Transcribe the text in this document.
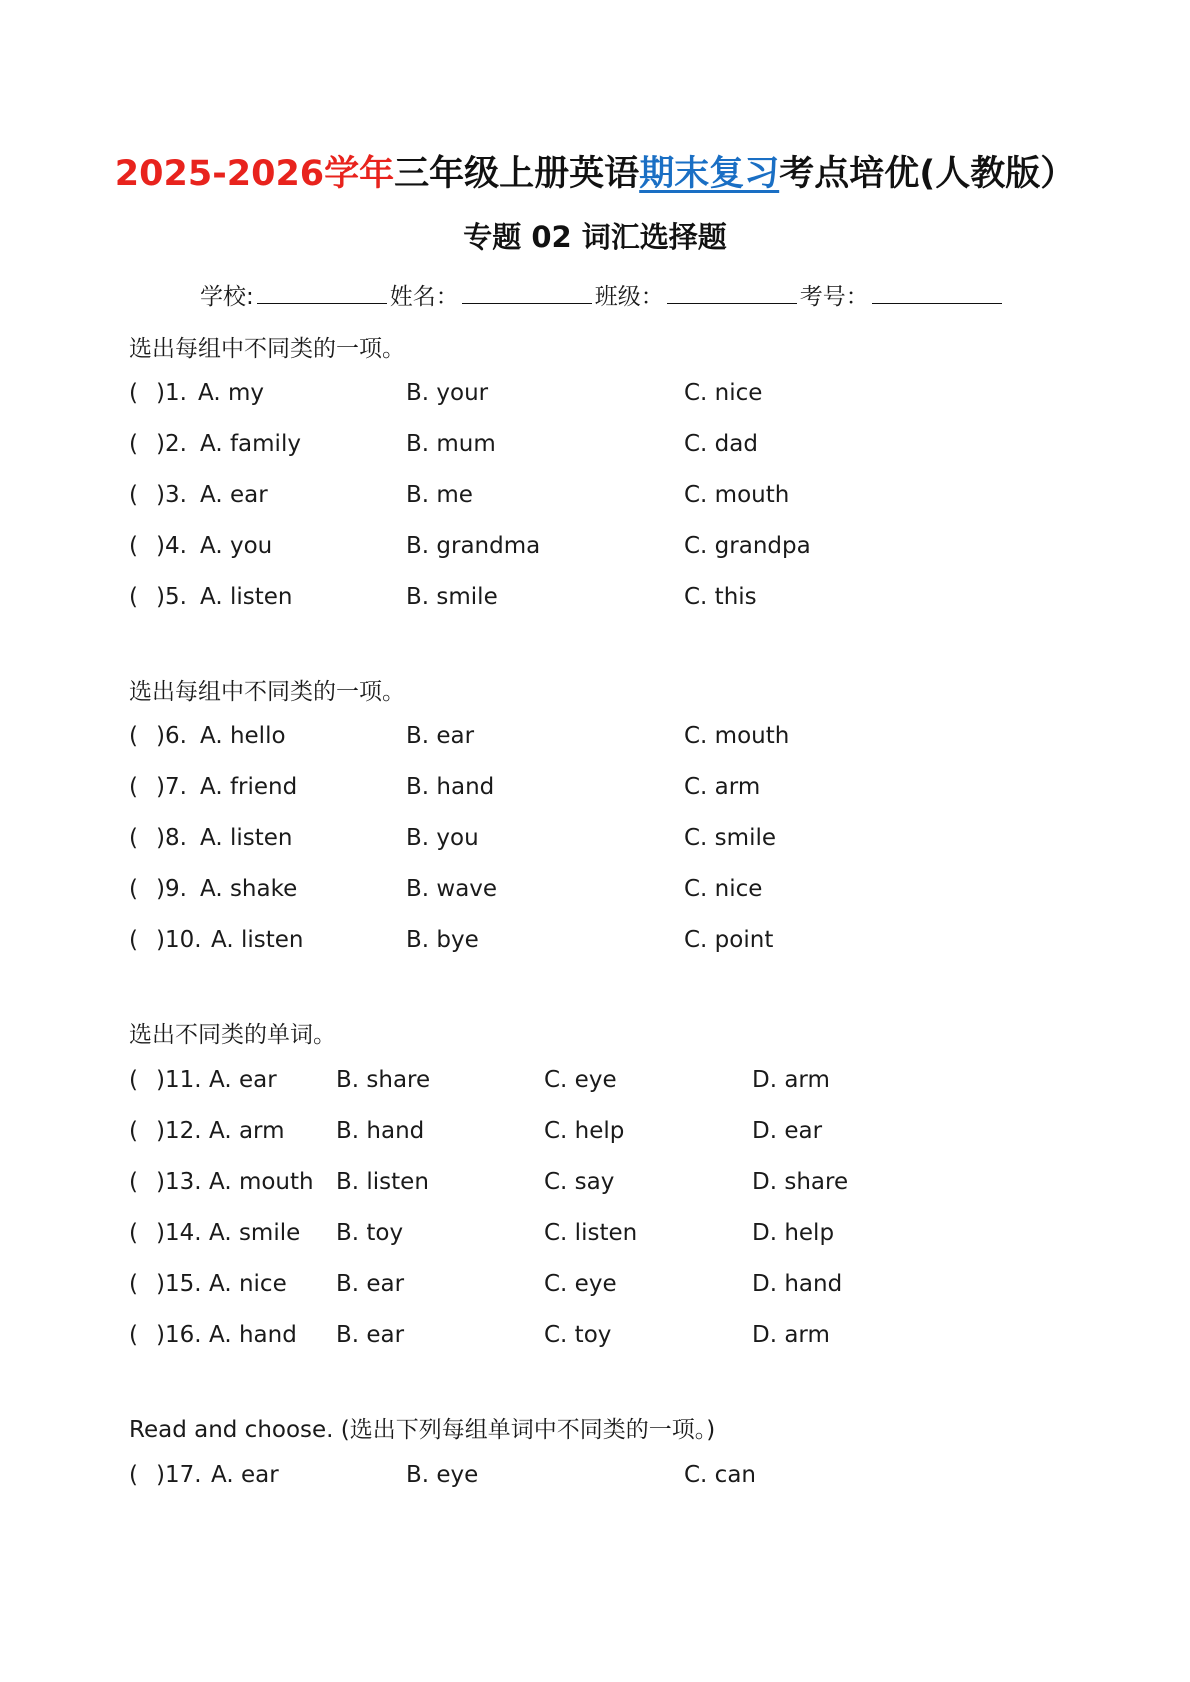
2025-2026学年三年级上册英语期末复习考点培优(人教版）
专题 02 词汇选择题
学校:	姓名：	班级：	考号：
选出每组中不同类的一项。
( )1. A. my	B. your	C. nice
( )2. A. family	B. mum	C. dad
( )3. A. ear	B. me	C. mouth
( )4. A. you	B. grandma	C. grandpa
( )5. A. listen	B. smile	C. this
选出每组中不同类的一项。
( )6. A. hello	B. ear	C. mouth
( )7. A. friend	B. hand	C. arm
( )8. A. listen	B. you	C. smile
( )9. A. shake	B. wave	C. nice
( )10. A. listen	B. bye	C. point
选出不同类的单词。
( )11. A. ear	B. share	C. eye	D. arm
( )12. A. arm B. hand	C. help	D. ear
( )13. A. mouth B. listen	C. say	D. share
( )14. A. smile B. toy	C. listen	D. help
( )15. A. nice B. ear	C. eye	D. hand
( )16. A. hand B. ear	C. toy	D. arm
Read and choose. (选出下列每组单词中不同类的一项。)
( )17. A. ear	B. eye	C. can
